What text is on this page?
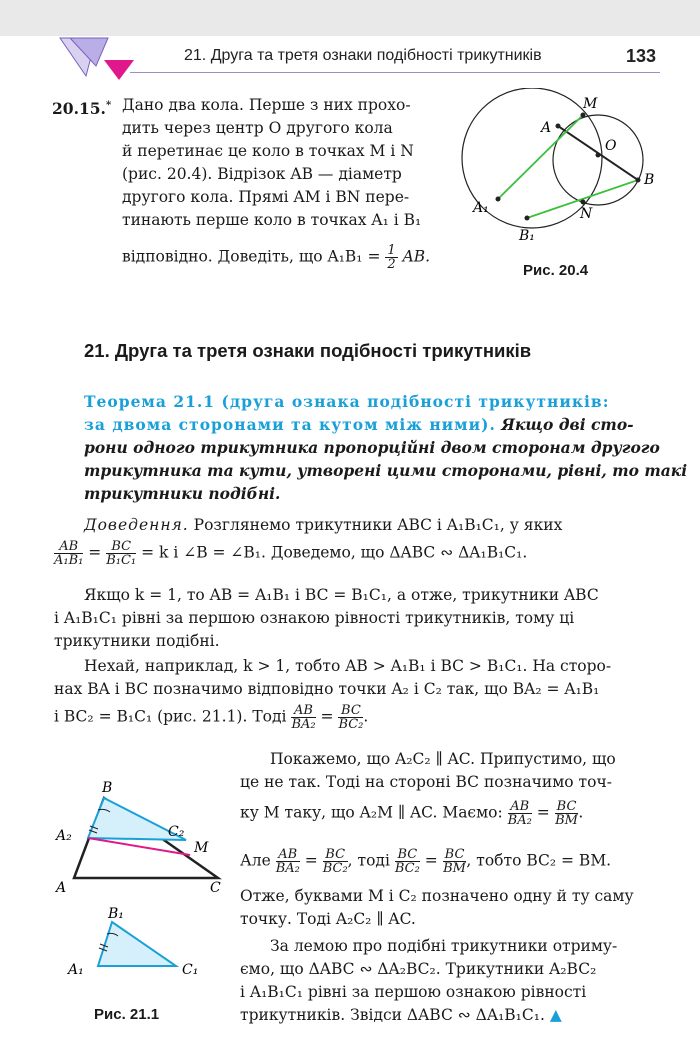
21. Друга та третя ознаки подібності трикутників	133
20.15.* Дано два кола. Перше з них прохо-
дить через центр O другого кола
й перетинає це коло в точках M і N
(рис. 20.4). Відрізок AB — діаметр
другого кола. Прямі AM і BN пере-
тинають перше коло в точках A₁ і B₁
відповідно. Доведіть, що $A_1B_1 = \frac{1}{2}$ AB.
M
A
O
B
A₁	N
B₁
Рис. 20.4
21. Друга та третя ознаки подібності трикутників
Теорема 21.1 (друга ознака подібності трикутників:
за двома сторонами та кутом між ними). Якщо дві сто-
рони одного трикутника пропорційні двом сторонам другого
трикутника та кути, утворені цими сторонами, рівні, то такі
трикутники подібні.
Доведення. Розглянемо трикутники ABC і A₁B₁C₁, у яких
$\frac{AB}{\text{A₁B₁}} = \frac{BC}{\text{B₁C₁}} = k$ і ∠B = ∠B₁. Доведемо, що ΔABC ∾ ΔA₁B₁C₁.
Якщо k = 1, то AB = A₁B₁ і BC = B₁C₁, а отже, трикутники ABC
і A₁B₁C₁ рівні за першою ознакою рівності трикутників, тому ці
трикутники подібні.
Нехай, наприклад, k > 1, тобто AB > A₁B₁ і BC > B₁C₁. На сторо-
нах BA і BC позначимо відповідно точки A₂ і C₂ так, що BA₂ = A₁B₁
і BC₂ = B₁C₁ (рис. 21.1). Тоді $\frac{AB}{\text{BA₂}} = \frac{BC}{\text{BC₂}}$ .
Покажемо, що A₂C₂ ∥ AC. Припустимо, що
це не так. Тоді на стороні BC позначимо точ-
ку M таку, що A₂M ∥ AC. Маємо: $\frac{AB}{\text{BA₂}} = \frac{BC}{BM}$ .
Але $\frac{AB}{\text{BA₂}} = \frac{BC}{\text{BC₂}}$ , тоді $\frac{BC}{\text{BC₂}} = \frac{BC}{BM}$ , тобто BC₂ = BM.
Отже, буквами M і C₂ позначено одну й ту саму
точку. Тоді A₂C₂ ∥ AC.
За лемою про подібні трикутники отриму-
ємо, що ΔABC ∾ ΔA₂BC₂. Трикутники A₂BC₂
і A₁B₁C₁ рівні за першою ознакою рівності
трикутників. Звідси ΔABC ∾ ΔA₁B₁C₁. ▲
B
A₂	C₂
M
A	C
B₁
A₁	C₁
Рис. 21.1
